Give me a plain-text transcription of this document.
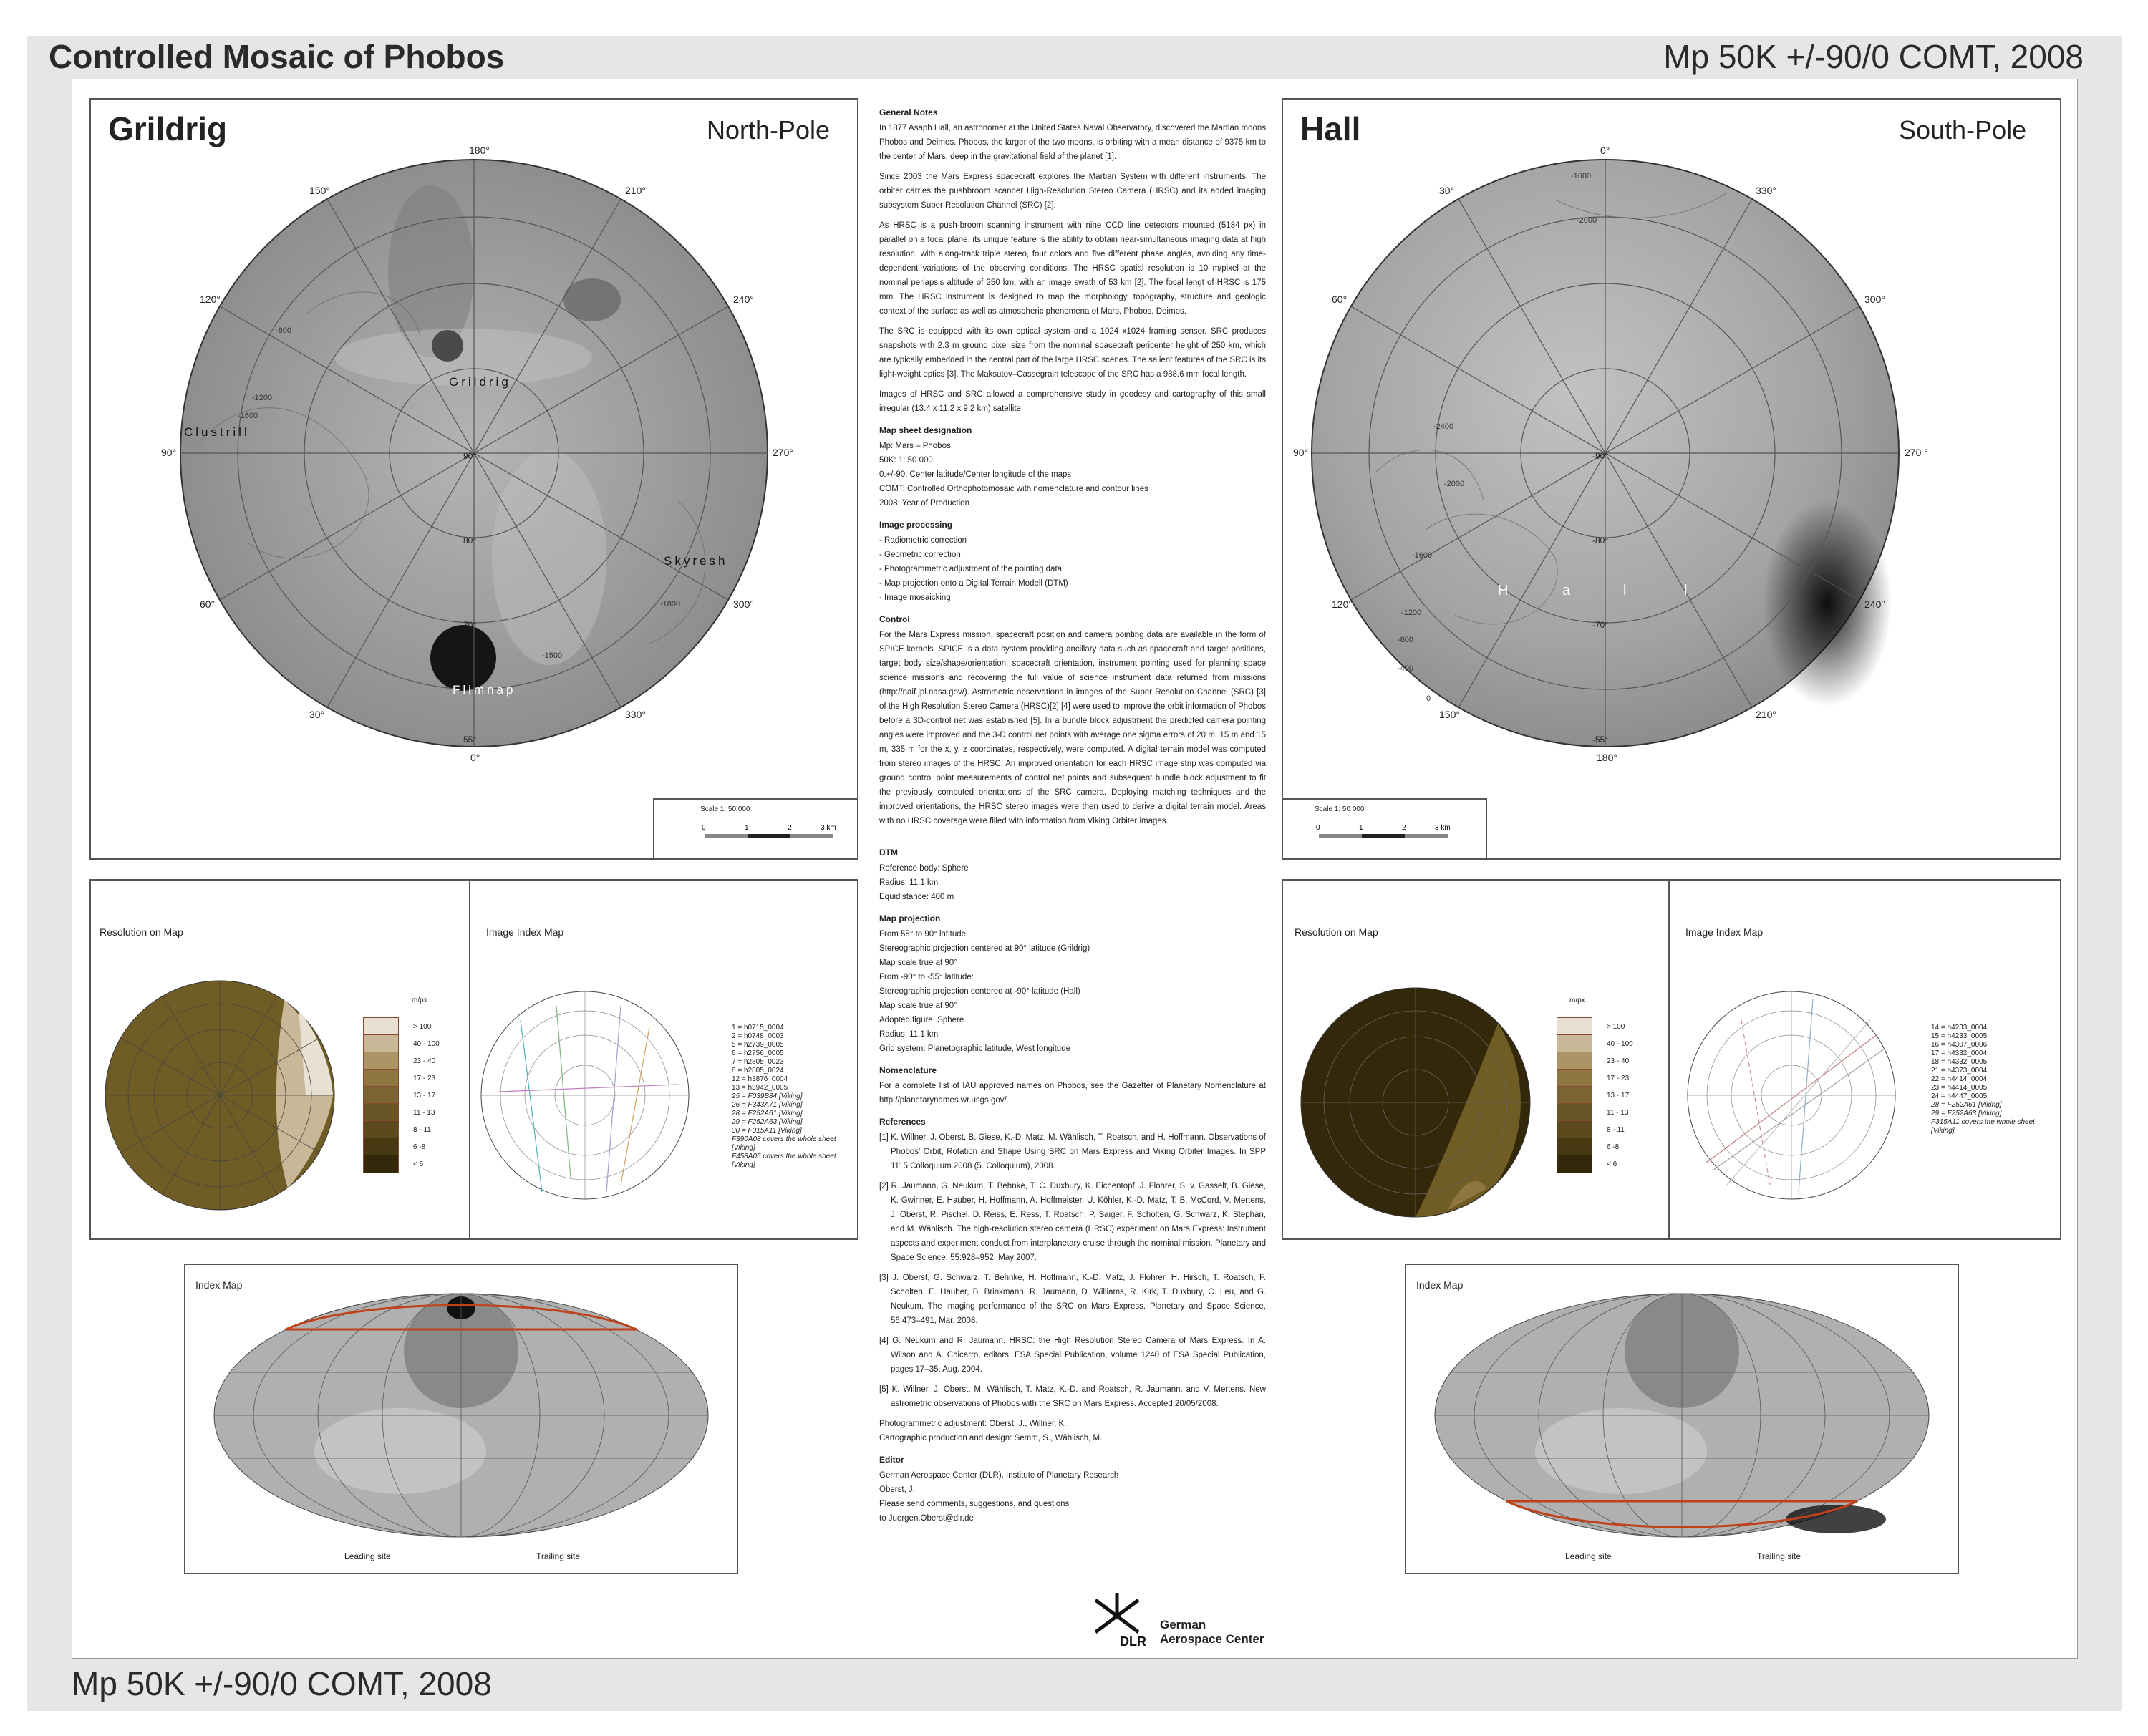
Controlled Mosaic of Phobos	Mp 50K +/-90/0 COMT, 2008
Mp 50K +/-90/0 COMT, 2008
Grildrig	North-Pole
180°
210°
240°
270°
300°
330°
0°
30°
60°
90°
120°
150°
90°
80°
70°
55°
Grildrig
Clustrill
Skyresh
Flimnap
-800
-1200
-1600
-1800
-1500
Scale 1: 50 000
0	1	2	3 km
Hall	South-Pole
0°
330°
300°
270 °
240°
210°
180°
150°
120°
90°
60°
30°
-90°
-80°
-70°
-55°
H	a	l	l
-1600
-2000
-2400
-2000
-1600
-1200
-800
-400
0
Scale 1: 50 000
0	1	2	3 km
Resolution on Map
m/px
> 100
40 - 100
23 - 40
17 - 23
13 - 17
11 - 13
8 - 11
6 -8
< 6
Image Index Map
1 = h0715_0004
2 = h0748_0003
5 = h2739_0005
6 = h2756_0005
7 = h2805_0023
8 = h2805_0024
12 = h3876_0004
13 = h3942_0005
25 = F039B84 [Viking]
26 = F343A71 [Viking]
28 = F252A61 [Viking]
29 = F252A63 [Viking]
30 = F315A11 [Viking]
F390A08 covers the whole sheet [Viking]
F458A05 covers the whole sheet [Viking]
Resolution on Map
m/px
> 100
40 - 100
23 - 40
17 - 23
13 - 17
11 - 13
8 - 11
6 -8
< 6
Image Index Map
14 = h4233_0004
15 = h4233_0005
16 = h4307_0006
17 = h4332_0004
18 = h4332_0005
21 = h4373_0004
22 = h4414_0004
23 = h4414_0005
24 = h4447_0005
28 = F252A61 [Viking]
29 = F252A63 [Viking]
F315A11 covers the whole sheet [Viking]
Index Map
Leading site	Trailing site
Index Map
Leading site	Trailing site
General Notes

In 1877 Asaph Hall, an astronomer at the United States Naval Observatory, discovered the Martian moons Phobos and Deimos. Phobos, the larger of the two moons, is orbiting with a mean distance of 9375 km to the center of Mars, deep in the gravitational field of the planet [1].

Since 2003 the Mars Express spacecraft explores the Martian System with different instruments. The orbiter carries the pushbroom scanner High-Resolution Stereo Camera (HRSC) and its added imaging subsystem Super Resolution Channel (SRC) [2].

As HRSC is a push-broom scanning instrument with nine CCD line detectors mounted (5184 px) in parallel on a focal plane, its unique feature is the ability to obtain near-simultaneous imaging data at high resolution, with along-track triple stereo, four colors and five different phase angles, avoiding any time-dependent variations of the observing conditions. The HRSC spatial resolution is 10 m/pixel at the nominal periapsis altitude of 250 km, with an image swath of 53 km [2]. The focal lengt of HRSC is 175 mm. The HRSC instrument is designed to map the morphology, topography, structure and geologic context of the surface as well as atmospheric phenomena of Mars, Phobos, Deimos.

The SRC is equipped with its own optical system and a 1024 x1024 framing sensor. SRC produces snapshots with 2.3 m ground pixel size from the nominal spacecraft pericenter height of 250 km, which are typically embedded in the central part of the large HRSC scenes. The salient features of the SRC is its light-weight optics [3]. The Maksutov–Cassegrain telescope of the SRC has a 988.6 mm focal length.

Images of HRSC and SRC allowed a comprehensive study in geodesy and cartography of this small irregular (13.4 x 11.2 x 9.2 km) satellite.

Map sheet designation
Mp: Mars – Phobos
50K: 1: 50 000
0,+/-90: Center latitude/Center longitude of the maps
COMT: Controlled Orthophotomosaic with nomenclature and contour lines
2008: Year of Production
Image processing
- Radiometric correction
- Geometric correction
- Photogrammetric adjustment of the pointing data
- Map projection onto a Digital Terrain Modell (DTM)
- Image mosaicking
Control

For the Mars Express mission, spacecraft position and camera pointing data are available in the form of SPICE kernels. SPICE is a data system providing ancillary data such as spacecraft and target positions, target body size/shape/orientation, spacecraft orientation, instrument pointing used for planning space science missions and recovering the full value of science instrument data returned from missions (http://naif.jpl.nasa.gov/). Astrometric observations in images of the Super Resolution Channel (SRC) [3] of the High Resolution Stereo Camera (HRSC)[2] [4] were used to improve the orbit information of Phobos before a 3D-control net was established [5]. In a bundle block adjustment the predicted camera pointing angles were improved and the 3-D control net points with average one sigma errors of 20 m, 15 m and 15 m, 335 m for the x, y, z coordinates, respectively, were computed. A digital terrain model was computed from stereo images of the HRSC. An improved orientation for each HRSC image strip was computed via ground control point measurements of control net points and subsequent bundle block adjustment to fit the previously computed orientations of the SRC camera. Deploying matching techniques and the improved orientations, the HRSC stereo images were then used to derive a digital terrain model. Areas with no HRSC coverage were filled with information from Viking Orbiter images.

DTM
Reference body: Sphere
Radius: 11.1 km
Equidistance: 400 m
Map projection
From 55° to 90° latitude
Stereographic projection centered at 90° latitude (Grildrig)
Map scale true at 90°
From -90° to -55° latitude:
Stereographic projection centered at -90° latitude (Hall)
Map scale true at 90°
Adopted figure: Sphere
Radius: 11.1 km
Grid system: Planetographic latitude, West longitude
Nomenclature

For a complete list of IAU approved names on Phobos, see the Gazetter of Planetary Nomenclature at http://planetarynames.wr.usgs.gov/.

References

[1] K. Willner, J. Oberst, B. Giese, K.-D. Matz, M. Wählisch, T. Roatsch, and H. Hoffmann. Observations of Phobos' Orbit, Rotation and Shape Using SRC on Mars Express and Viking Orbiter Images. In SPP 1115 Colloquium 2008 (5. Colloquium), 2008.

[2] R. Jaumann, G. Neukum, T. Behnke, T. C. Duxbury, K. Eichentopf, J. Flohrer, S. v. Gasselt, B. Giese, K. Gwinner, E. Hauber, H. Hoffmann, A. Hoffmeister, U. Köhler, K.-D. Matz, T. B. McCord, V. Mertens, J. Oberst, R. Pischel, D. Reiss, E. Ress, T. Roatsch, P. Saiger, F. Scholten, G. Schwarz, K. Stephan, and M. Wählisch. The high-resolution stereo camera (HRSC) experiment on Mars Express: Instrument aspects and experiment conduct from interplanetary cruise through the nominal mission. Planetary and Space Science, 55:928–952, May 2007.

[3] J. Oberst, G. Schwarz, T. Behnke, H. Hoffmann, K.-D. Matz, J. Flohrer, H. Hirsch, T. Roatsch, F. Scholten, E. Hauber, B. Brinkmann, R. Jaumann, D. Williams, R. Kirk, T. Duxbury, C. Leu, and G. Neukum. The imaging performance of the SRC on Mars Express. Planetary and Space Science, 56:473–491, Mar. 2008.

[4] G. Neukum and R. Jaumann. HRSC: the High Resolution Stereo Camera of Mars Express. In A. Wilson and A. Chicarro, editors, ESA Special Publication, volume 1240 of ESA Special Publication, pages 17–35, Aug. 2004.

[5] K. Willner, J. Oberst, M. Wählisch, T. Matz, K.-D. and Roatsch, R. Jaumann, and V. Mertens. New astrometric observations of Phobos with the SRC on Mars Express. Accepted,20/05/2008.

Photogrammetric adjustment: Oberst, J., Willner, K.
Cartographic production and design: Semm, S., Wählisch, M.
Editor
German Aerospace Center (DLR), Institute of Planetary Research
Oberst, J.
Please send comments, suggestions, and questions
to Juergen.Oberst@dlr.de
DLR
German
Aerospace Center
